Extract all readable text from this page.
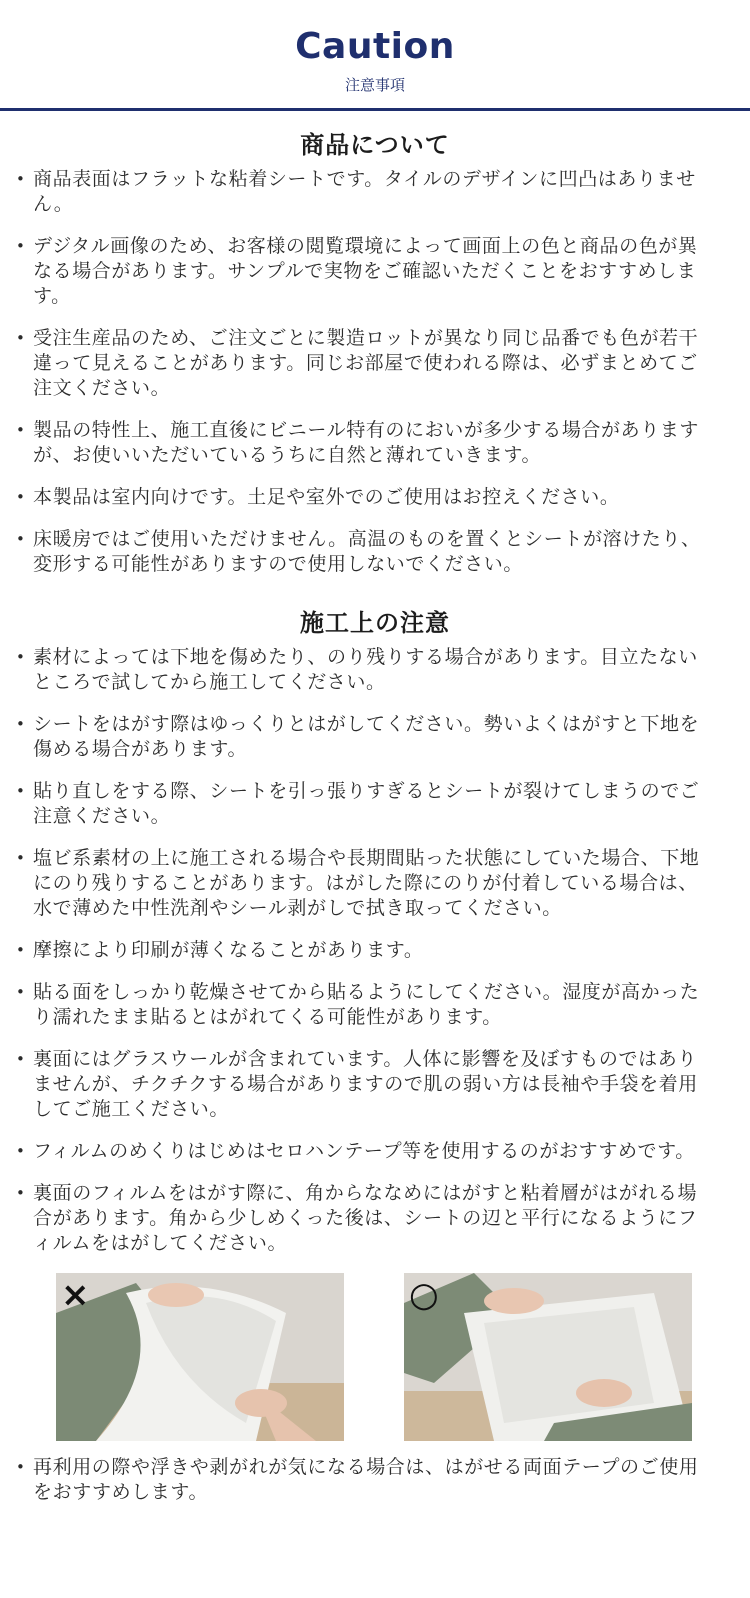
Caution
注意事項
商品について
• 商品表面はフラットな粘着シートです。タイルのデザインに凹凸はありません。
• デジタル画像のため、お客様の閲覧環境によって画面上の色と商品の色が異なる場合があります。サンプルで実物をご確認いただくことをおすすめします。
• 受注生産品のため、ご注文ごとに製造ロットが異なり同じ品番でも色が若干違って見えることがあります。同じお部屋で使われる際は、必ずまとめてご注文ください。
• 製品の特性上、施工直後にビニール特有のにおいが多少する場合がありますが、お使いいただいているうちに自然と薄れていきます。
• 本製品は室内向けです。土足や室外でのご使用はお控えください。
• 床暖房ではご使用いただけません。高温のものを置くとシートが溶けたり、変形する可能性がありますので使用しないでください。
施工上の注意
• 素材によっては下地を傷めたり、のり残りする場合があります。目立たないところで試してから施工してください。
• シートをはがす際はゆっくりとはがしてください。勢いよくはがすと下地を傷める場合があります。
• 貼り直しをする際、シートを引っ張りすぎるとシートが裂けてしまうのでご注意ください。
• 塩ビ系素材の上に施工される場合や長期間貼った状態にしていた場合、下地にのり残りすることがあります。はがした際にのりが付着している場合は、水で薄めた中性洗剤やシール剥がしで拭き取ってください。
• 摩擦により印刷が薄くなることがあります。
• 貼る面をしっかり乾燥させてから貼るようにしてください。湿度が高かったり濡れたまま貼るとはがれてくる可能性があります。
• 裏面にはグラスウールが含まれています。人体に影響を及ぼすものではありませんが、チクチクする場合がありますので肌の弱い方は長袖や手袋を着用してご施工ください。
• フィルムのめくりはじめはセロハンテープ等を使用するのがおすすめです。
• 裏面のフィルムをはがす際に、角からななめにはがすと粘着層がはがれる場合があります。角から少しめくった後は、シートの辺と平行になるようにフィルムをはがしてください。
×	○
• 再利用の際や浮きや剥がれが気になる場合は、はがせる両面テープのご使用をおすすめします。
